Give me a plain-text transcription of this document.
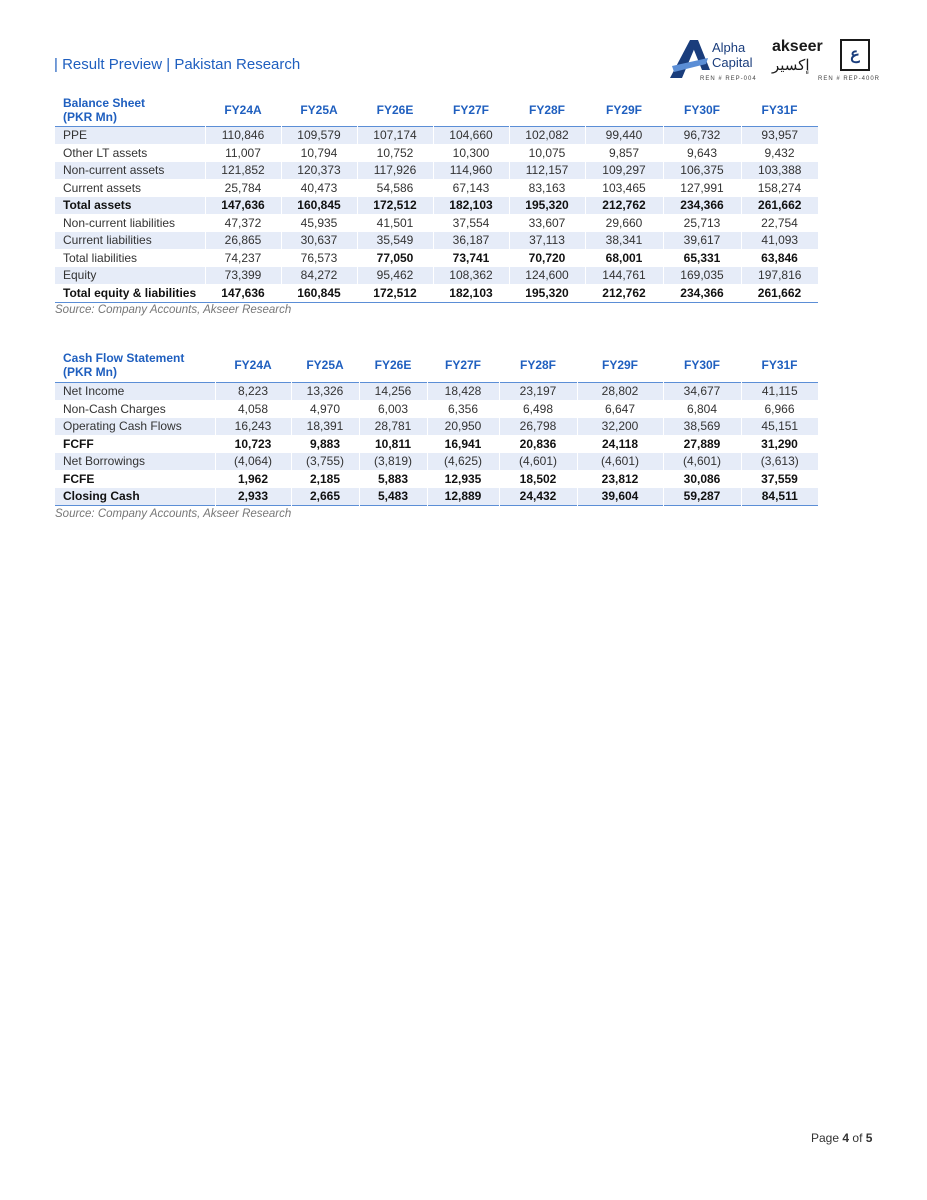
| Result Preview | Pakistan Research
Alpha
Capital
REN # REP-004
akseer
إكسير
ع
REN # REP-400R
Balance Sheet
(PKR Mn)	FY24A	FY25A	FY26E	FY27F	FY28F	FY29F	FY30F	FY31F
PPE	110,846	109,579	107,174	104,660	102,082	99,440	96,732	93,957
Other LT assets	11,007	10,794	10,752	10,300	10,075	9,857	9,643	9,432
Non-current assets	121,852	120,373	117,926	114,960	112,157	109,297	106,375	103,388
Current assets	25,784	40,473	54,586	67,143	83,163	103,465	127,991	158,274
Total assets	147,636	160,845	172,512	182,103	195,320	212,762	234,366	261,662
Non-current liabilities	47,372	45,935	41,501	37,554	33,607	29,660	25,713	22,754
Current liabilities	26,865	30,637	35,549	36,187	37,113	38,341	39,617	41,093
Total liabilities	74,237	76,573	77,050	73,741	70,720	68,001	65,331	63,846
Equity	73,399	84,272	95,462	108,362	124,600	144,761	169,035	197,816
Total equity & liabilities	147,636	160,845	172,512	182,103	195,320	212,762	234,366	261,662
Source: Company Accounts, Akseer Research
Cash Flow Statement
(PKR Mn)	FY24A	FY25A	FY26E	FY27F	FY28F	FY29F	FY30F	FY31F
Net Income	8,223	13,326	14,256	18,428	23,197	28,802	34,677	41,115
Non-Cash Charges	4,058	4,970	6,003	6,356	6,498	6,647	6,804	6,966
Operating Cash Flows	16,243	18,391	28,781	20,950	26,798	32,200	38,569	45,151
FCFF	10,723	9,883	10,811	16,941	20,836	24,118	27,889	31,290
Net Borrowings	(4,064)	(3,755)	(3,819)	(4,625)	(4,601)	(4,601)	(4,601)	(3,613)
FCFE	1,962	2,185	5,883	12,935	18,502	23,812	30,086	37,559
Closing Cash	2,933	2,665	5,483	12,889	24,432	39,604	59,287	84,511
Source: Company Accounts, Akseer Research
Page 4 of 5
